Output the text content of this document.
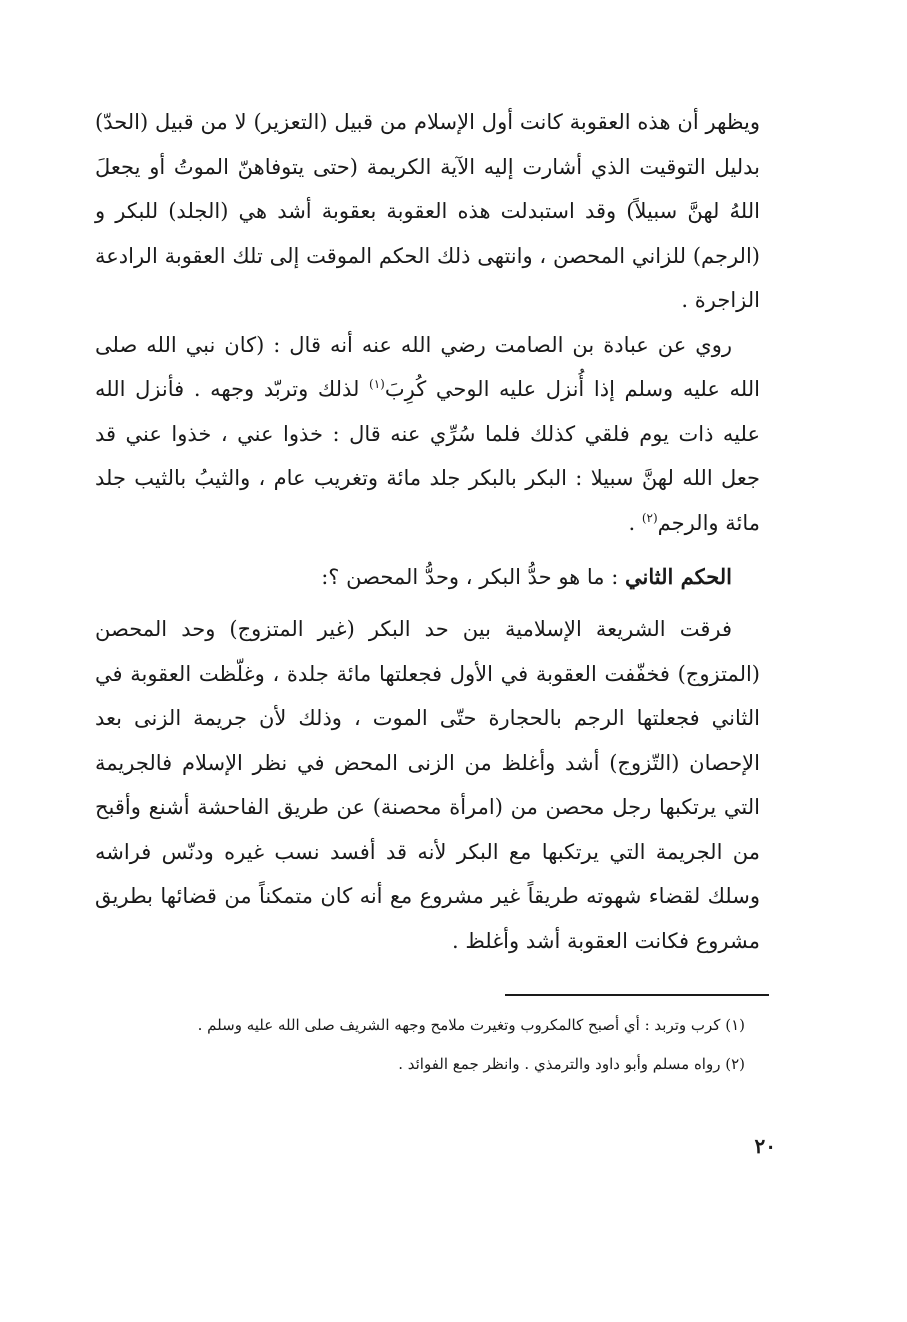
ويظهر أن هذه العقوبة كانت أول الإسلام من قبيل (التعزير) لا من قبيل (الحدّ) بدليل التوقيت الذي أشارت إليه الآية الكريمة (حتى يتوفاهنّ الموتُ أو يجعلَ اللهُ لهنَّ سبيلاً) وقد استبدلت هذه العقوبة بعقوبة أشد هي (الجلد) للبكر و (الرجم) للزاني المحصن ، وانتهى ذلك الحكم الموقت إلى تلك العقوبة الرادعة الزاجرة .

روي عن عبادة بن الصامت رضي الله عنه أنه قال : (كان نبي الله صلى الله عليه وسلم إذا أُنزل عليه الوحي كُرِبَ$^{(١)}$ لذلك وتربّد وجهه . فأنزل الله عليه ذات يوم فلقي كذلك فلما سُرِّي عنه قال : خذوا عني ، خذوا عني قد جعل الله لهنَّ سبيلا : البكر بالبكر جلد مائة وتغريب عام ، والثيبُ بالثيب جلد مائة والرجم$^{(٢)}$ .

الحكم الثاني : ما هو حدُّ البكر ، وحدُّ المحصن ؟:

فرقت الشريعة الإسلامية بين حد البكر (غير المتزوج) وحد المحصن (المتزوج) فخفّفت العقوبة في الأول فجعلتها مائة جلدة ، وغلّظت العقوبة في الثاني فجعلتها الرجم بالحجارة حتّى الموت ، وذلك لأن جريمة الزنى بعد الإحصان (التّزوج) أشد وأغلظ من الزنى المحض في نظر الإسلام فالجريمة التي يرتكبها رجل محصن من (امرأة محصنة) عن طريق الفاحشة أشنع وأقبح من الجريمة التي يرتكبها مع البكر لأنه قد أفسد نسب غيره ودنّس فراشه وسلك لقضاء شهوته طريقاً غير مشروع مع أنه كان متمكناً من قضائها بطريق مشروع فكانت العقوبة أشد وأغلظ .

(١) كرب وتربد : أي أصبح كالمكروب وتغيرت ملامح وجهه الشريف صلى الله عليه وسلم .

(٢) رواه مسلم وأبو داود والترمذي . وانظر جمع الفوائد .

٢٠
